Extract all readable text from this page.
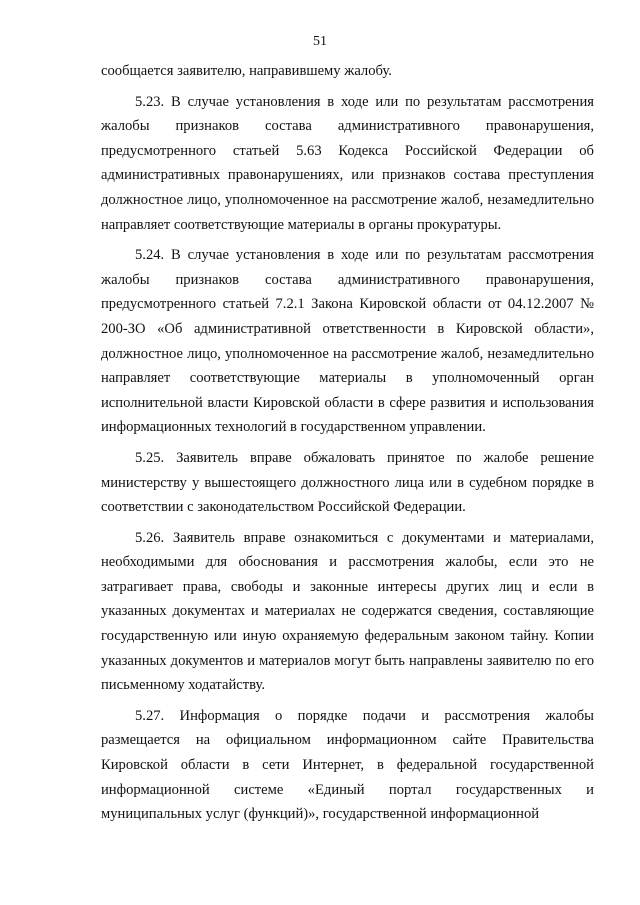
51

сообщается заявителю, направившему жалобу.

5.23. В случае установления в ходе или по результатам рассмотрения жалобы признаков состава административного правонарушения, предусмотренного статьей 5.63 Кодекса Российской Федерации об административных правонарушениях, или признаков состава преступления должностное лицо, уполномоченное на рассмотрение жалоб, незамедлительно направляет соответствующие материалы в органы прокуратуры.

5.24. В случае установления в ходе или по результатам рассмотрения жалобы признаков состава административного правонарушения, предусмотренного статьей 7.2.1 Закона Кировской области от 04.12.2007 № 200-ЗО «Об административной ответственности в Кировской области», должностное лицо, уполномоченное на рассмотрение жалоб, незамедлительно направляет соответствующие материалы в уполномоченный орган исполнительной власти Кировской области в сфере развития и использования информационных технологий в государственном управлении.

5.25. Заявитель вправе обжаловать принятое по жалобе решение министерству у вышестоящего должностного лица или в судебном порядке в соответствии с законодательством Российской Федерации.

5.26. Заявитель вправе ознакомиться с документами и материалами, необходимыми для обоснования и рассмотрения жалобы, если это не затрагивает права, свободы и законные интересы других лиц и если в указанных документах и материалах не содержатся сведения, составляющие государственную или иную охраняемую федеральным законом тайну. Копии указанных документов и материалов могут быть направлены заявителю по его письменному ходатайству.

5.27. Информация о порядке подачи и рассмотрения жалобы размещается на официальном информационном сайте Правительства Кировской области в сети Интернет, в федеральной государственной информационной системе «Единый портал государственных и муниципальных услуг (функций)», государственной информационной
